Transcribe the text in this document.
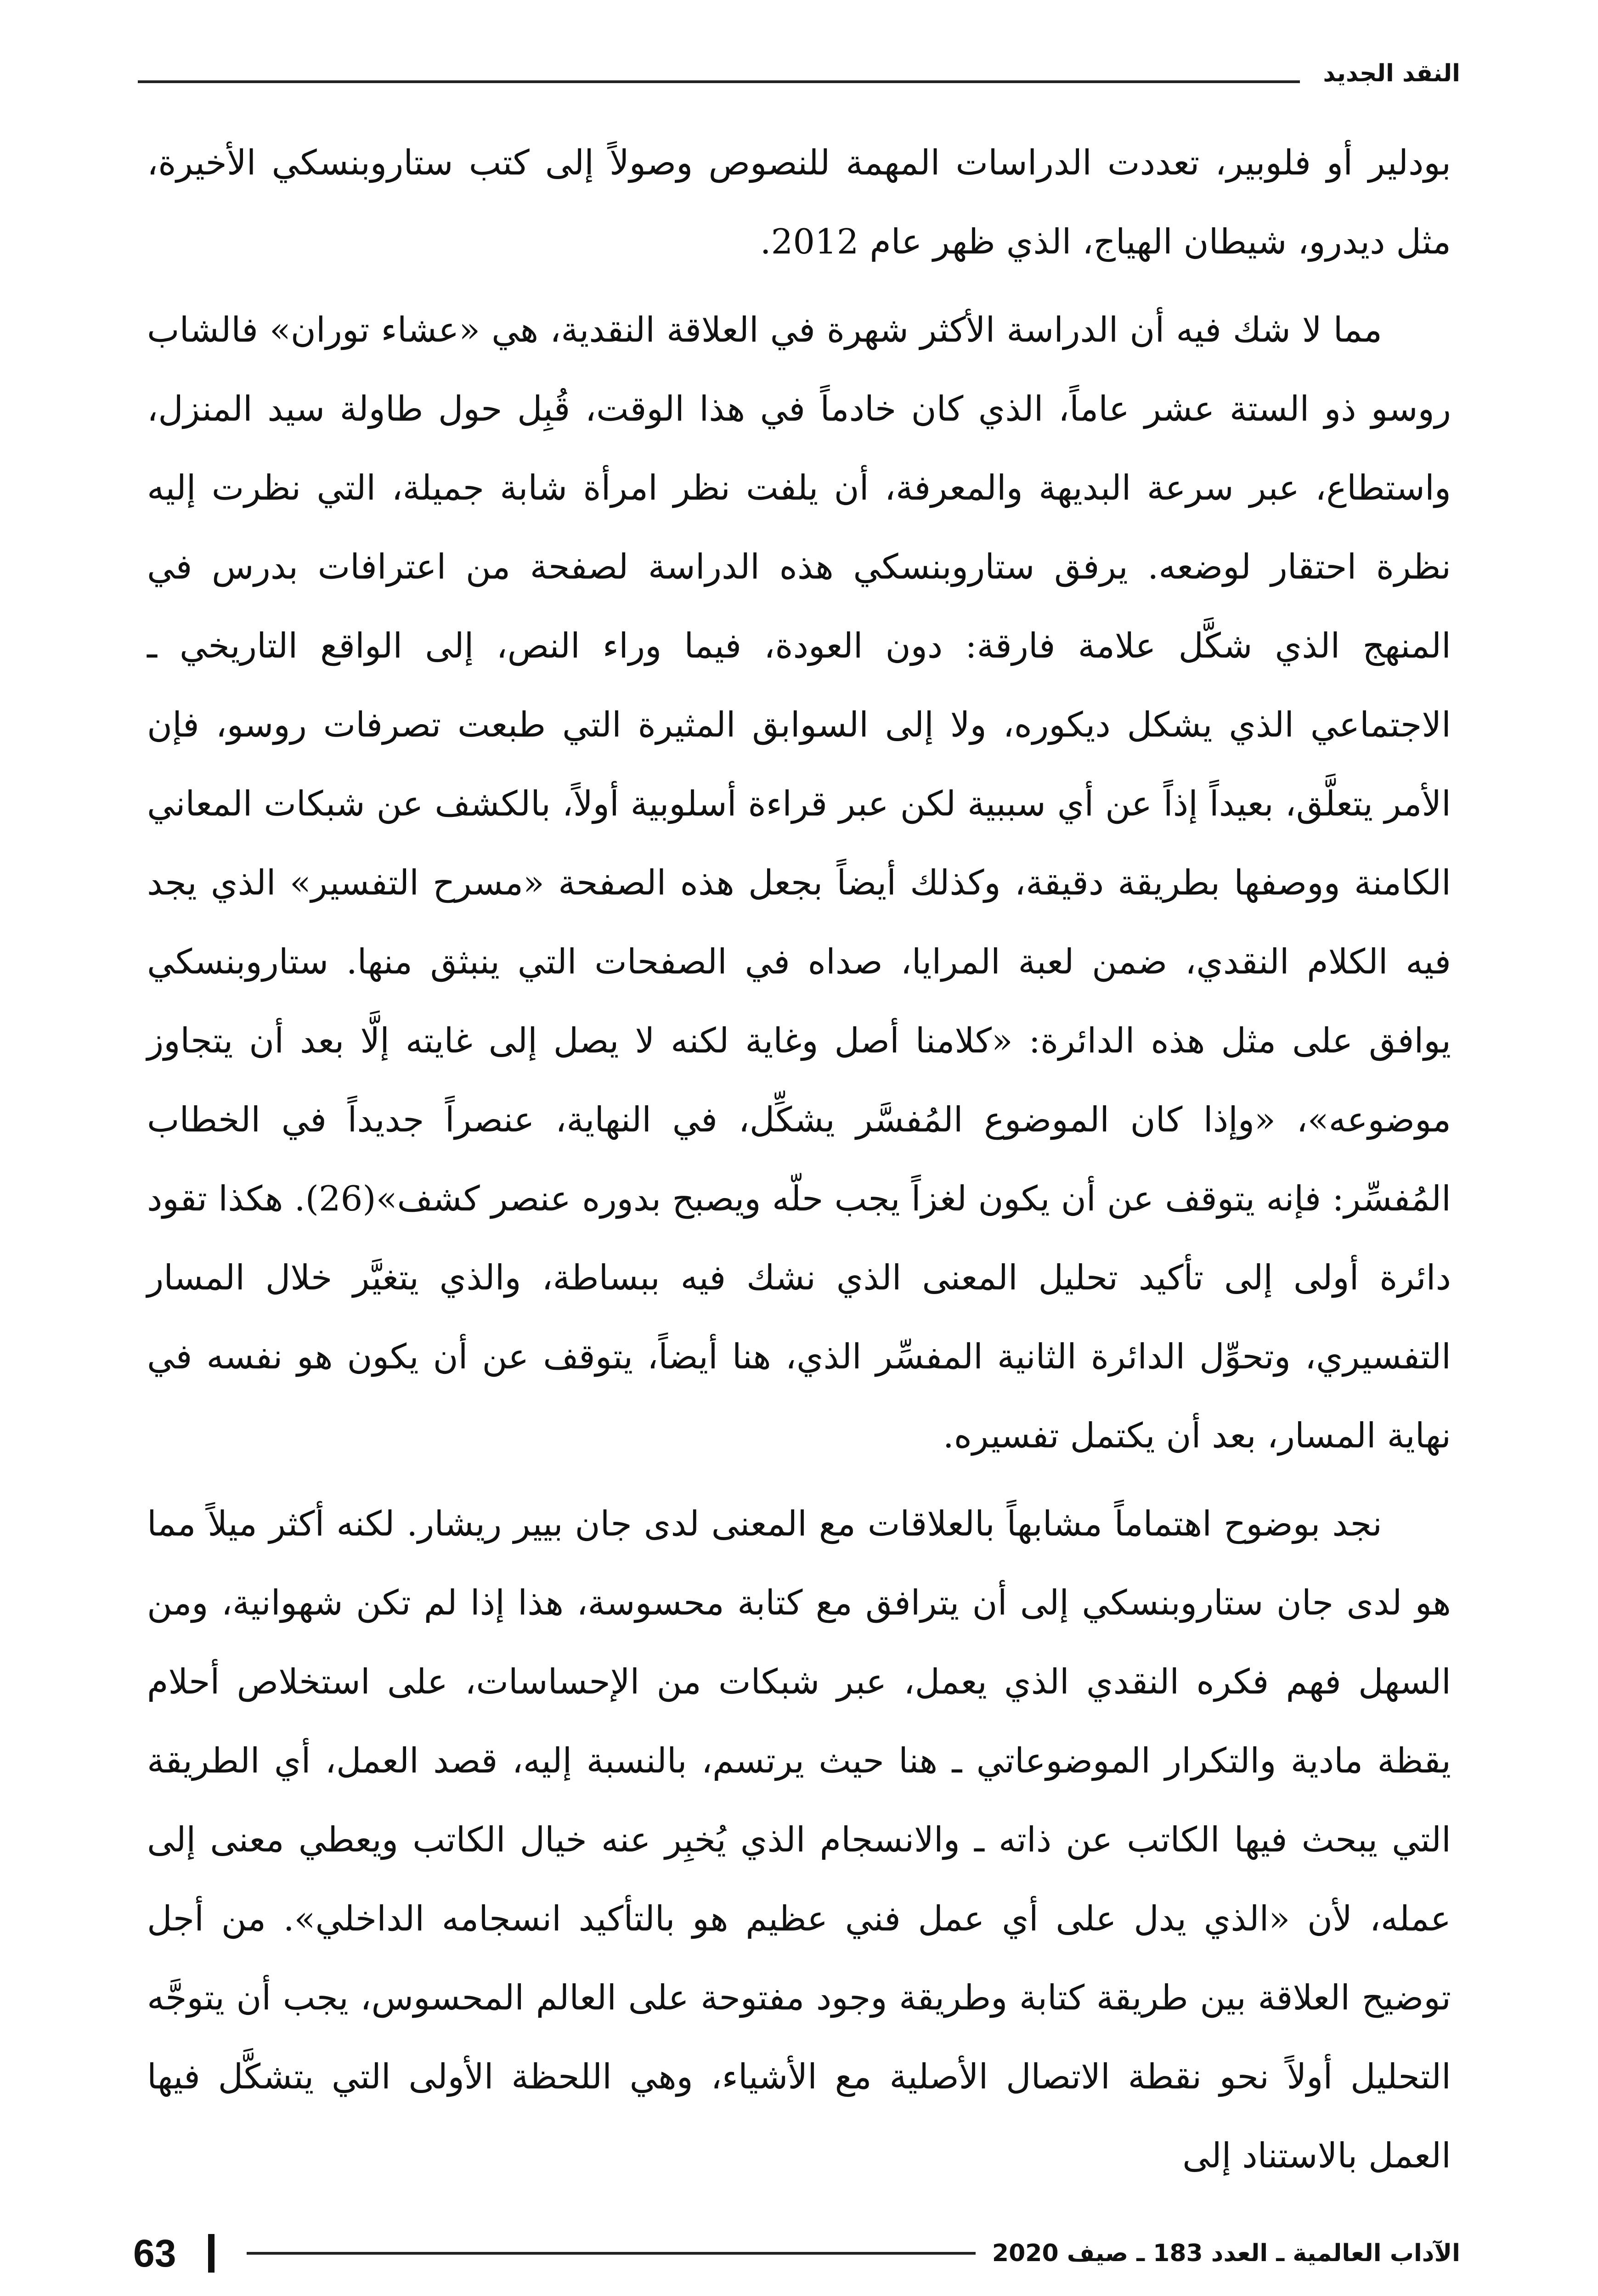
النقد الجديد

بودلير أو فلوبير، تعددت الدراسات المهمة للنصوص وصولاً إلى كتب ستاروبنسكي الأخيرة، مثل ديدرو، شيطان الهياج، الذي ظهر عام 2012.

مما لا شك فيه أن الدراسة الأكثر شهرة في العلاقة النقدية، هي «عشاء توران» فالشاب روسو ذو الستة عشر عاماً، الذي كان خادماً في هذا الوقت، قُبِل حول طاولة سيد المنزل، واستطاع، عبر سرعة البديهة والمعرفة، أن يلفت نظر امرأة شابة جميلة، التي نظرت إليه نظرة احتقار لوضعه. يرفق ستاروبنسكي هذه الدراسة لصفحة من اعترافات بدرس في المنهج الذي شكَّل علامة فارقة: دون العودة، فيما وراء النص، إلى الواقع التاريخي ـ الاجتماعي الذي يشكل ديكوره، ولا إلى السوابق المثيرة التي طبعت تصرفات روسو، فإن الأمر يتعلَّق، بعيداً إذاً عن أي سببية لكن عبر قراءة أسلوبية أولاً، بالكشف عن شبكات المعاني الكامنة ووصفها بطريقة دقيقة، وكذلك أيضاً بجعل هذه الصفحة «مسرح التفسير» الذي يجد فيه الكلام النقدي، ضمن لعبة المرايا، صداه في الصفحات التي ينبثق منها. ستاروبنسكي يوافق على مثل هذه الدائرة: «كلامنا أصل وغاية لكنه لا يصل إلى غايته إلَّا بعد أن يتجاوز موضوعه»، «وإذا كان الموضوع المُفسَّر يشكِّل، في النهاية، عنصراً جديداً في الخطاب المُفسِّر: فإنه يتوقف عن أن يكون لغزاً يجب حلّه ويصبح بدوره عنصر كشف»(26). هكذا تقود دائرة أولى إلى تأكيد تحليل المعنى الذي نشك فيه ببساطة، والذي يتغيَّر خلال المسار التفسيري، وتحوِّل الدائرة الثانية المفسِّر الذي، هنا أيضاً، يتوقف عن أن يكون هو نفسه في نهاية المسار، بعد أن يكتمل تفسيره.

نجد بوضوح اهتماماً مشابهاً بالعلاقات مع المعنى لدى جان بيير ريشار. لكنه أكثر ميلاً مما هو لدى جان ستاروبنسكي إلى أن يترافق مع كتابة محسوسة، هذا إذا لم تكن شهوانية، ومن السهل فهم فكره النقدي الذي يعمل، عبر شبكات من الإحساسات، على استخلاص أحلام يقظة مادية والتكرار الموضوعاتي ـ هنا حيث يرتسم، بالنسبة إليه، قصد العمل، أي الطريقة التي يبحث فيها الكاتب عن ذاته ـ والانسجام الذي يُخبِر عنه خيال الكاتب ويعطي معنى إلى عمله، لأن «الذي يدل على أي عمل فني عظيم هو بالتأكيد انسجامه الداخلي». من أجل توضيح العلاقة بين طريقة كتابة وطريقة وجود مفتوحة على العالم المحسوس، يجب أن يتوجَّه التحليل أولاً نحو نقطة الاتصال الأصلية مع الأشياء، وهي اللحظة الأولى التي يتشكَّل فيها العمل بالاستناد إلى

الآداب العالمية ـ العدد 183 ـ صيف 2020
63
